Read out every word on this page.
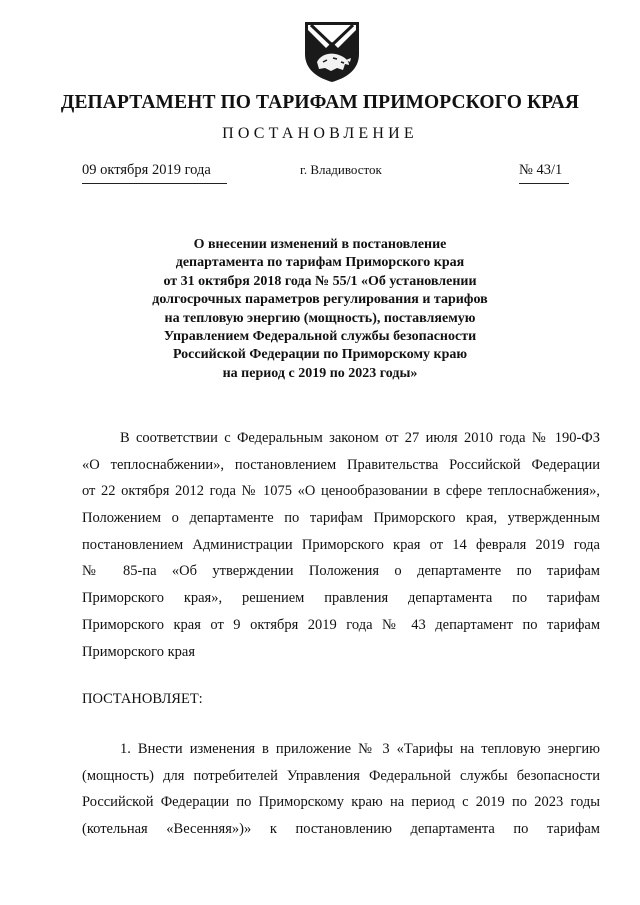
ДЕПАРТАМЕНТ ПО ТАРИФАМ ПРИМОРСКОГО КРАЯ
ПОСТАНОВЛЕНИЕ
09 октября 2019 года	г. Владивосток	№ 43/1
О внесении изменений в постановление
департамента по тарифам Приморского края
от 31 октября 2018 года № 55/1 «Об установлении
долгосрочных параметров регулирования и тарифов
на тепловую энергию (мощность), поставляемую
Управлением Федеральной службы безопасности
Российской Федерации по Приморскому краю
на период с 2019 по 2023 годы»
В соответствии с Федеральным законом от 27 июля 2010 года № 190-ФЗ
«О теплоснабжении», постановлением Правительства Российской Федерации
от 22 октября 2012 года № 1075 «О ценообразовании в сфере теплоснабжения»,
Положением о департаменте по тарифам Приморского края, утвержденным
постановлением Администрации Приморского края от 14 февраля 2019 года
№ 85-па «Об утверждении Положения о департаменте по тарифам
Приморского края», решением правления департамента по тарифам
Приморского края от 9 октября 2019 года № 43 департамент по тарифам
Приморского края
ПОСТАНОВЛЯЕТ:
1. Внести изменения в приложение № 3 «Тарифы на тепловую энергию
(мощность) для потребителей Управления Федеральной службы безопасности
Российской Федерации по Приморскому краю на период с 2019 по 2023 годы
(котельная «Весенняя»)» к постановлению департамента по тарифам
